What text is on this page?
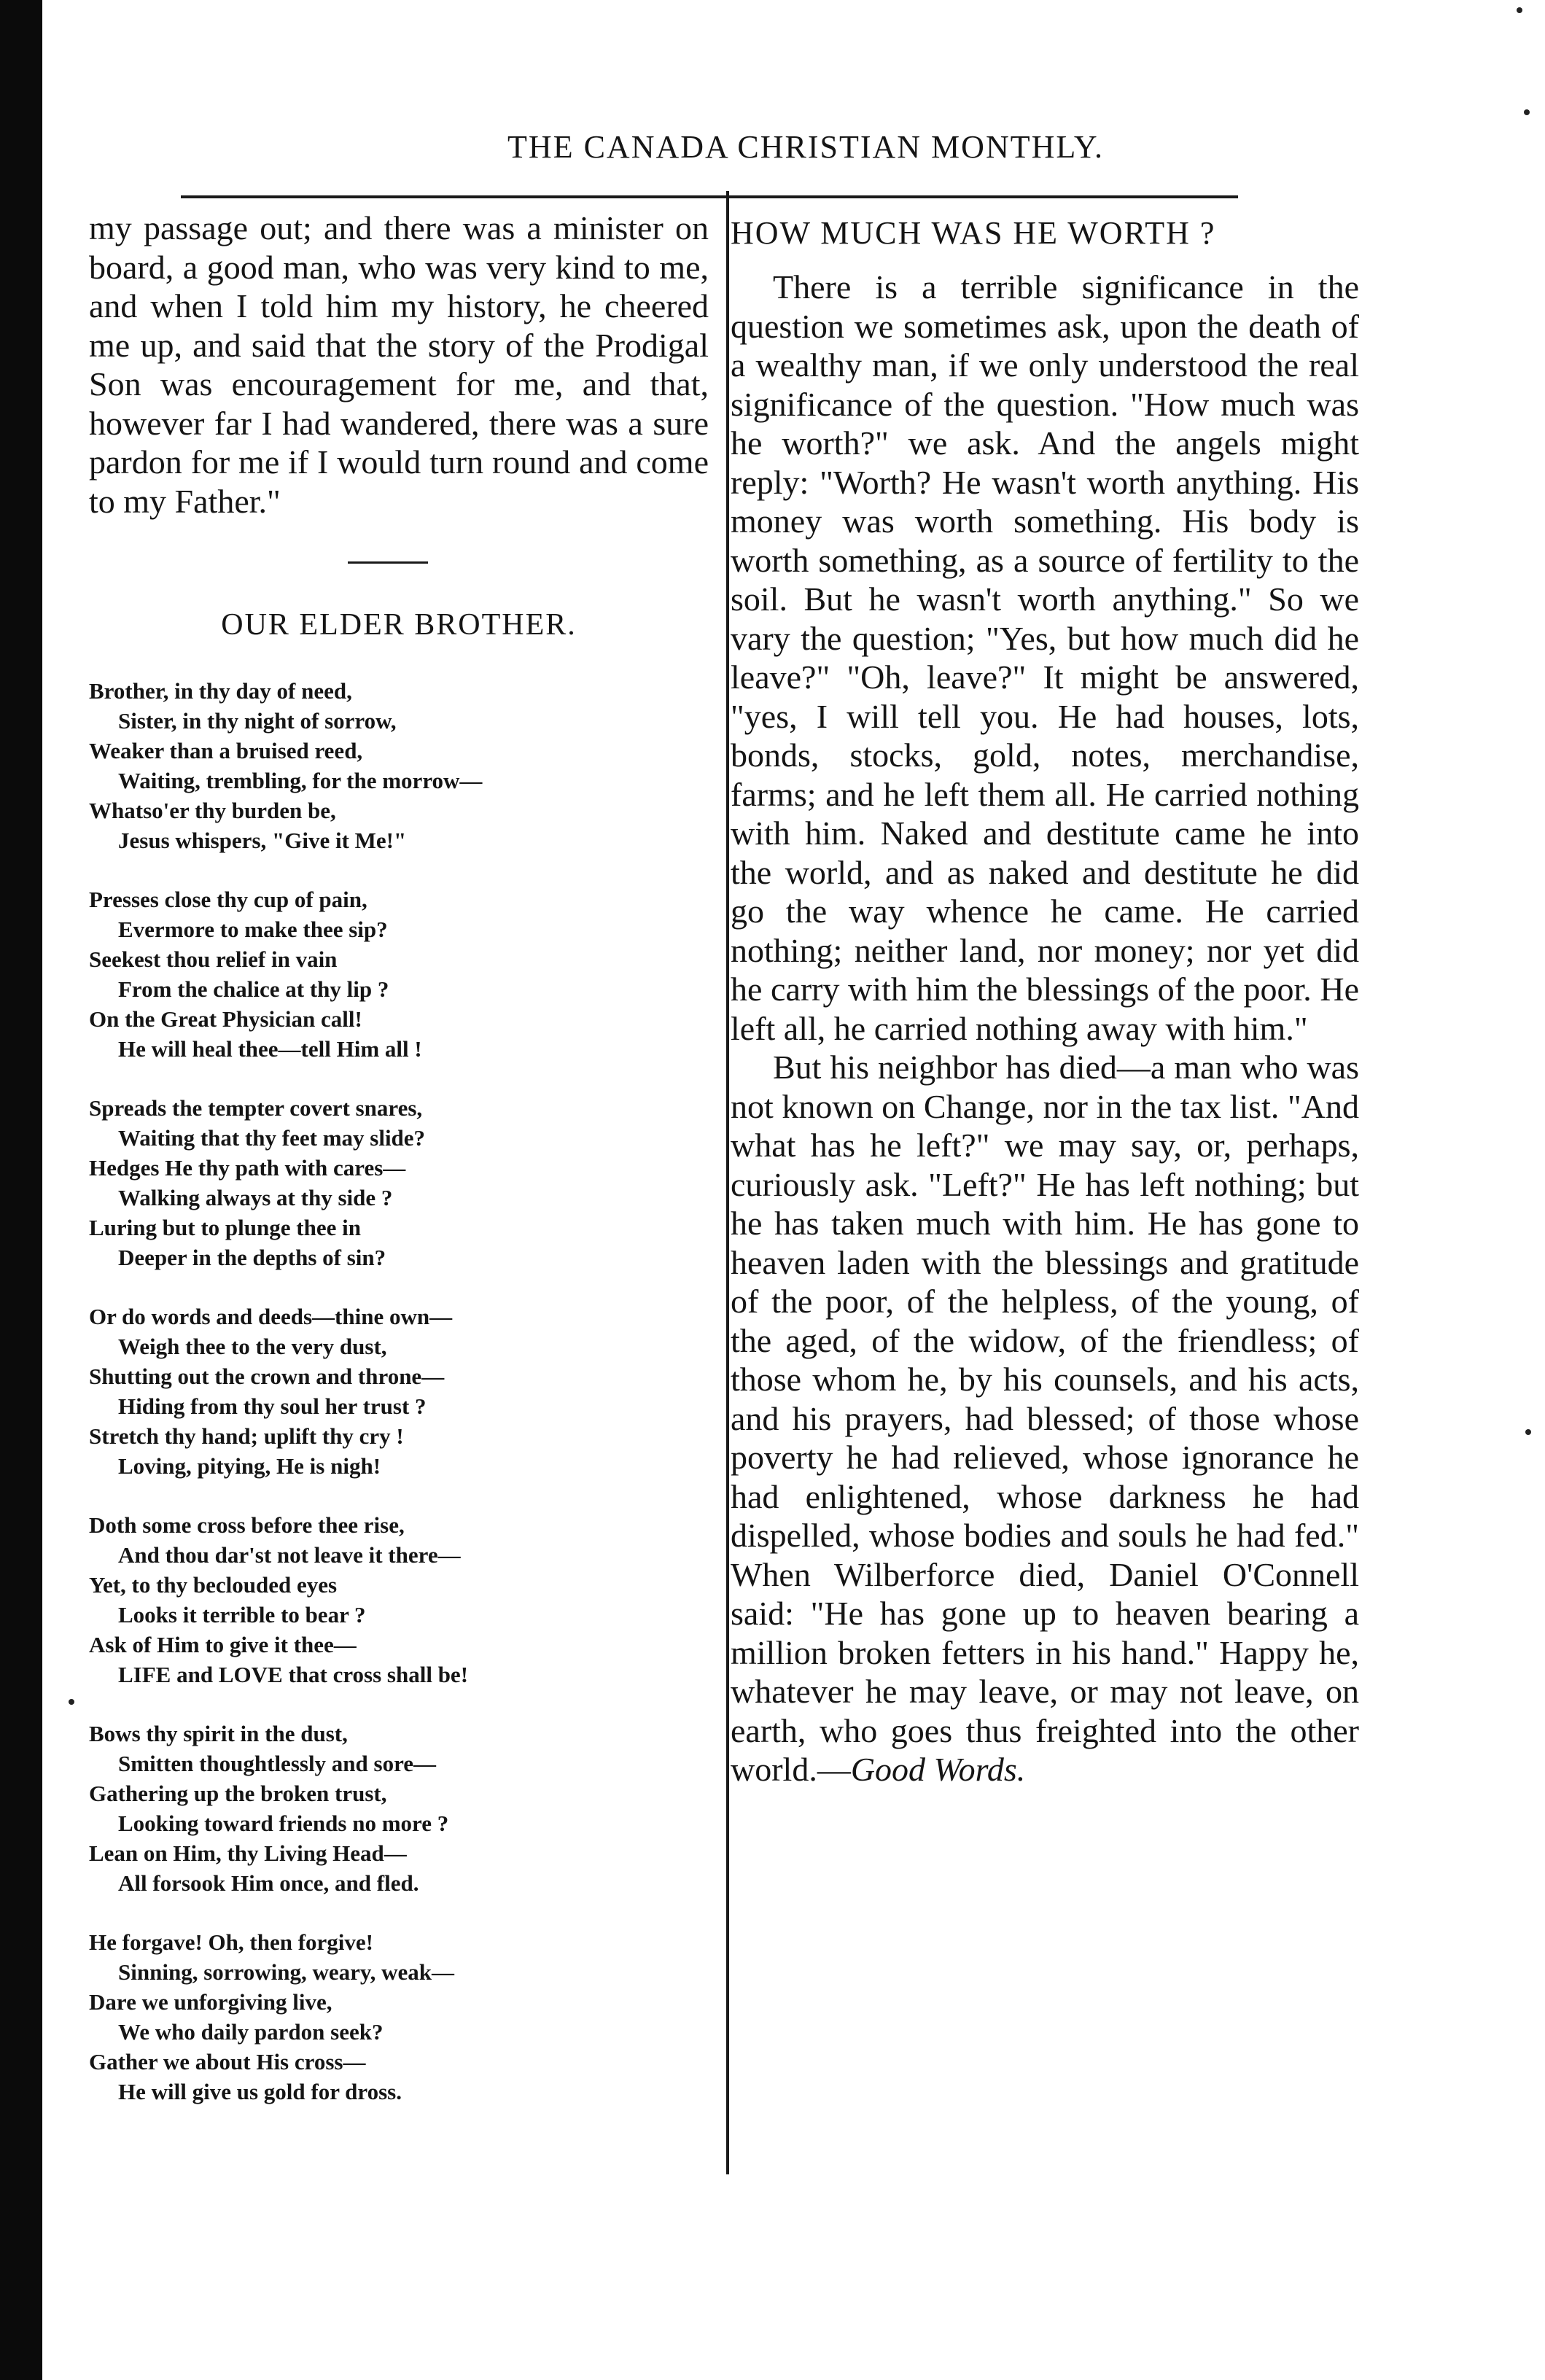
THE CANADA CHRISTIAN MONTHLY.

my passage out; and there was a minister on board, a good man, who was very kind to me, and when I told him my history, he cheered me up, and said that the story of the Prodigal Son was encouragement for me, and that, however far I had wandered, there was a sure pardon for me if I would turn round and come to my Father."

OUR ELDER BROTHER.
Brother, in thy day of need,
Sister, in thy night of sorrow,
Weaker than a bruised reed,
Waiting, trembling, for the morrow—
Whatso'er thy burden be,
Jesus whispers, "Give it Me!"
Presses close thy cup of pain,
Evermore to make thee sip?
Seekest thou relief in vain
From the chalice at thy lip ?
On the Great Physician call!
He will heal thee—tell Him all !
Spreads the tempter covert snares,
Waiting that thy feet may slide?
Hedges He thy path with cares—
Walking always at thy side ?
Luring but to plunge thee in
Deeper in the depths of sin?
Or do words and deeds—thine own—
Weigh thee to the very dust,
Shutting out the crown and throne—
Hiding from thy soul her trust ?
Stretch thy hand; uplift thy cry !
Loving, pitying, He is nigh!
Doth some cross before thee rise,
And thou dar'st not leave it there—
Yet, to thy beclouded eyes
Looks it terrible to bear ?
Ask of Him to give it thee—
LIFE and LOVE that cross shall be!
Bows thy spirit in the dust,
Smitten thoughtlessly and sore—
Gathering up the broken trust,
Looking toward friends no more ?
Lean on Him, thy Living Head—
All forsook Him once, and fled.
He forgave! Oh, then forgive!
Sinning, sorrowing, weary, weak—
Dare we unforgiving live,
We who daily pardon seek?
Gather we about His cross—
He will give us gold for dross.
HOW MUCH WAS HE WORTH ?

There is a terrible significance in the question we sometimes ask, upon the death of a wealthy man, if we only understood the real significance of the question. "How much was he worth?" we ask. And the angels might reply: "Worth? He wasn't worth anything. His money was worth something. His body is worth something, as a source of fertility to the soil. But he wasn't worth anything." So we vary the question; "Yes, but how much did he leave?" "Oh, leave?" It might be answered, "yes, I will tell you. He had houses, lots, bonds, stocks, gold, notes, merchandise, farms; and he left them all. He carried nothing with him. Naked and destitute came he into the world, and as naked and destitute he did go the way whence he came. He carried nothing; neither land, nor money; nor yet did he carry with him the blessings of the poor. He left all, he carried nothing away with him."

But his neighbor has died—a man who was not known on Change, nor in the tax list. "And what has he left?" we may say, or, perhaps, curiously ask. "Left?" He has left nothing; but he has taken much with him. He has gone to heaven laden with the blessings and gratitude of the poor, of the helpless, of the young, of the aged, of the widow, of the friendless; of those whom he, by his counsels, and his acts, and his prayers, had blessed; of those whose poverty he had relieved, whose ignorance he had enlightened, whose darkness he had dispelled, whose bodies and souls he had fed." When Wilberforce died, Daniel O'Connell said: "He has gone up to heaven bearing a million broken fetters in his hand." Happy he, whatever he may leave, or may not leave, on earth, who goes thus freighted into the other world.—Good Words.
